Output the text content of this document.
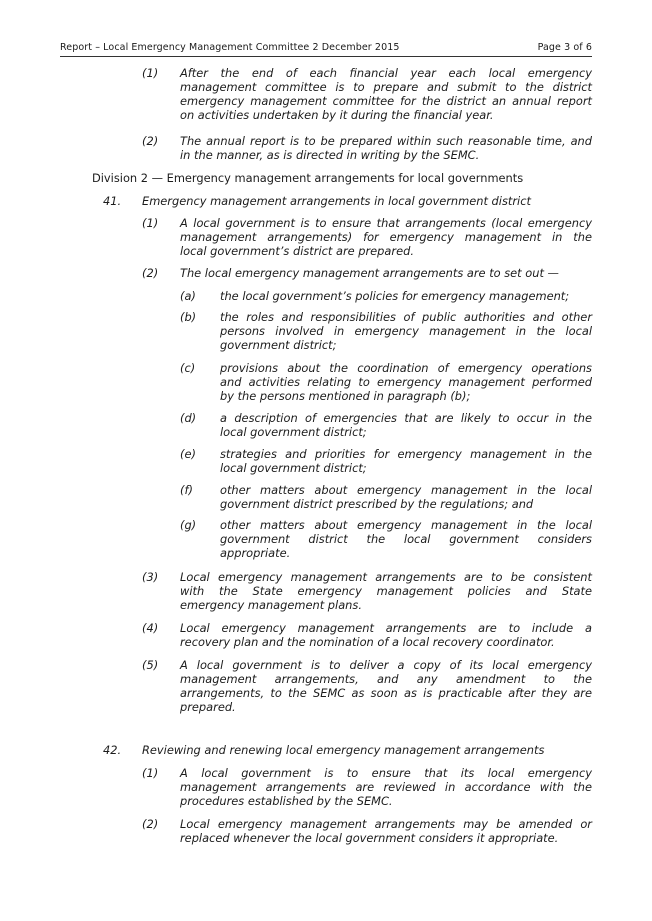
Report – Local Emergency Management Committee 2 December 2015	Page 3 of 6
(1) After the end of each financial year each local emergency
management committee is to prepare and submit to the district
emergency management committee for the district an annual report
on activities undertaken by it during the financial year.
(2) The annual report is to be prepared within such reasonable time, and
in the manner, as is directed in writing by the SEMC.
Division 2 — Emergency management arrangements for local governments
41. Emergency management arrangements in local government district
(1) A local government is to ensure that arrangements (local emergency
management arrangements) for emergency management in the
local government’s district are prepared.
(2) The local emergency management arrangements are to set out —
(a) the local government’s policies for emergency management;
(b) the roles and responsibilities of public authorities and other
persons involved in emergency management in the local
government district;
(c) provisions about the coordination of emergency operations
and activities relating to emergency management performed
by the persons mentioned in paragraph (b);
(d) a description of emergencies that are likely to occur in the
local government district;
(e) strategies and priorities for emergency management in the
local government district;
(f) other matters about emergency management in the local
government district prescribed by the regulations; and
(g) other matters about emergency management in the local
government district the local government considers
appropriate.
(3) Local emergency management arrangements are to be consistent
with the State emergency management policies and State
emergency management plans.
(4) Local emergency management arrangements are to include a
recovery plan and the nomination of a local recovery coordinator.
(5) A local government is to deliver a copy of its local emergency
management arrangements, and any amendment to the
arrangements, to the SEMC as soon as is practicable after they are
prepared.
42. Reviewing and renewing local emergency management arrangements
(1) A local government is to ensure that its local emergency
management arrangements are reviewed in accordance with the
procedures established by the SEMC.
(2) Local emergency management arrangements may be amended or
replaced whenever the local government considers it appropriate.
